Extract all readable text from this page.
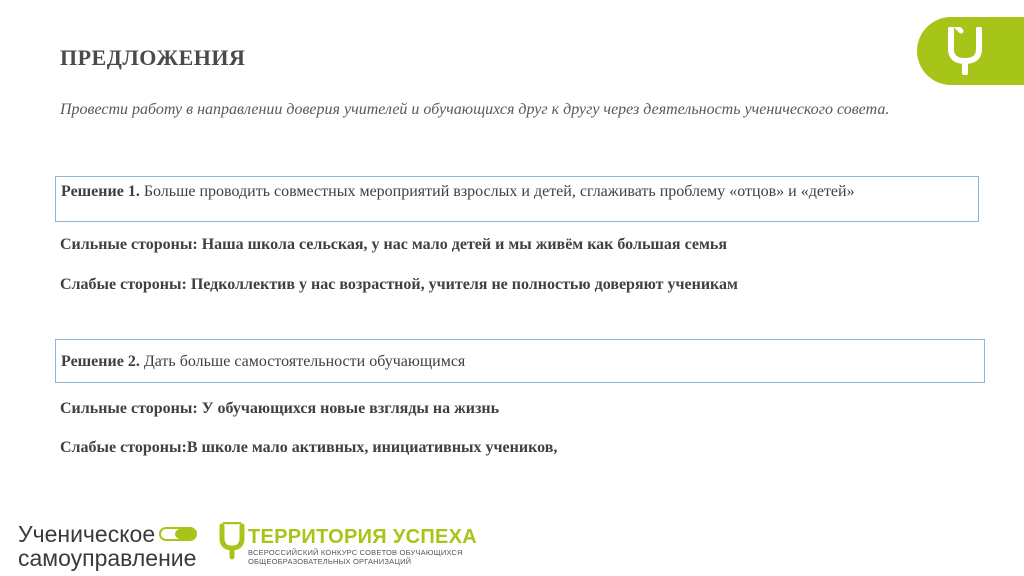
ПРЕДЛОЖЕНИЯ
Провести работу в направлении доверия учителей и обучающихся друг к другу через деятельность ученического совета.
Решение 1. Больше проводить совместных мероприятий взрослых и детей, сглаживать проблему «отцов» и «детей»
Сильные стороны: Наша школа сельская, у нас мало детей и мы живём как большая семья
Слабые стороны: Педколлектив у нас возрастной, учителя не полностью доверяют ученикам
Решение 2. Дать больше самостоятельности обучающимся
Сильные стороны: У обучающихся новые взгляды на жизнь
Слабые стороны:В школе мало активных, инициативных учеников,
Ученическое
самоуправление
ТЕРРИТОРИЯ УСПЕХА
ВСЕРОССИЙСКИЙ КОНКУРС СОВЕТОВ ОБУЧАЮЩИХСЯ
ОБЩЕОБРАЗОВАТЕЛЬНЫХ ОРГАНИЗАЦИЙ
